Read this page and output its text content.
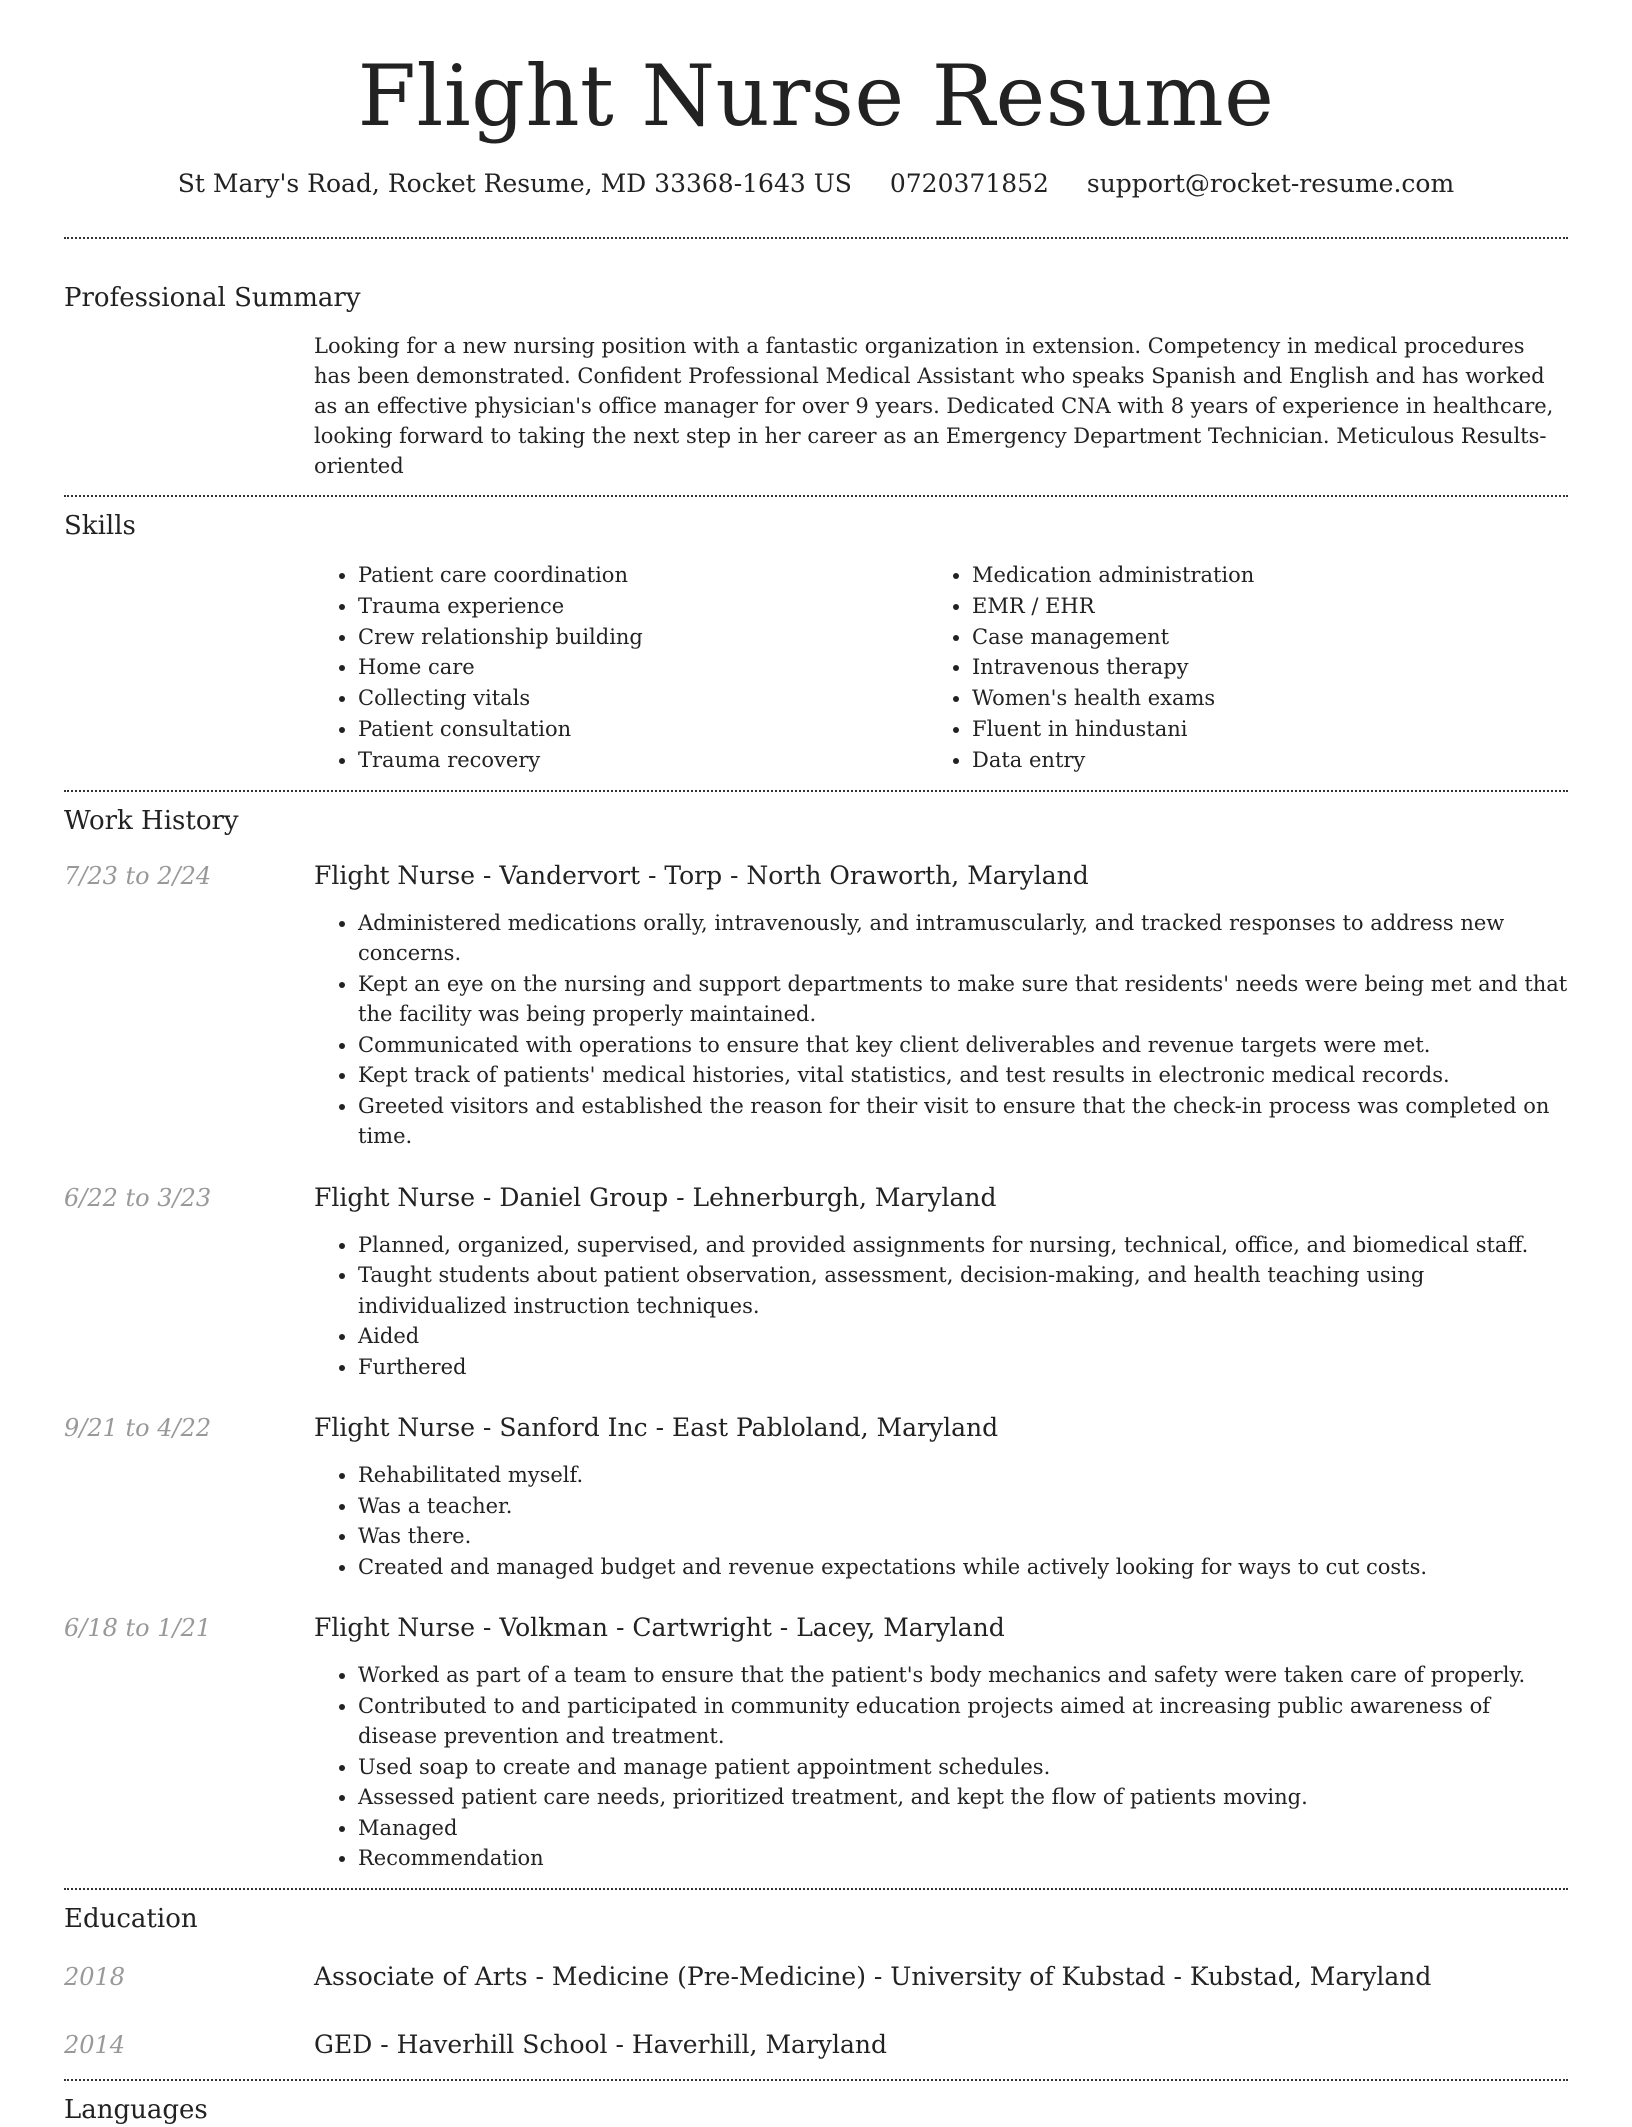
Flight Nurse Resume
St Mary's Road, Rocket Resume, MD 33368-1643 US 0720371852 support@rocket-resume.com
Professional Summary

Looking for a new nursing position with a fantastic organization in extension. Competency in medical procedures has been demonstrated. Confident Professional Medical Assistant who speaks Spanish and English and has worked as an effective physician's office manager for over 9 years. Dedicated CNA with 8 years of experience in healthcare, looking forward to taking the next step in her career as an Emergency Department Technician. Meticulous Results-oriented

Skills
• Patient care coordination
• Trauma experience
• Crew relationship building
• Home care
• Collecting vitals
• Patient consultation
• Trauma recovery
• Medication administration
• EMR / EHR
• Case management
• Intravenous therapy
• Women's health exams
• Fluent in hindustani
• Data entry
Work History
7/23 to 2/24	Flight Nurse - Vandervort - Torp - North Oraworth, Maryland
• Administered medications orally, intravenously, and intramuscularly, and tracked responses to address new concerns.
• Kept an eye on the nursing and support departments to make sure that residents' needs were being met and that the facility was being properly maintained.
• Communicated with operations to ensure that key client deliverables and revenue targets were met.
• Kept track of patients' medical histories, vital statistics, and test results in electronic medical records.
• Greeted visitors and established the reason for their visit to ensure that the check-in process was completed on time.
6/22 to 3/23	Flight Nurse - Daniel Group - Lehnerburgh, Maryland
• Planned, organized, supervised, and provided assignments for nursing, technical, office, and biomedical staff.
• Taught students about patient observation, assessment, decision-making, and health teaching using individualized instruction techniques.
• Aided
• Furthered
9/21 to 4/22	Flight Nurse - Sanford Inc - East Pabloland, Maryland
• Rehabilitated myself.
• Was a teacher.
• Was there.
• Created and managed budget and revenue expectations while actively looking for ways to cut costs.
6/18 to 1/21	Flight Nurse - Volkman - Cartwright - Lacey, Maryland
• Worked as part of a team to ensure that the patient's body mechanics and safety were taken care of properly.
• Contributed to and participated in community education projects aimed at increasing public awareness of disease prevention and treatment.
• Used soap to create and manage patient appointment schedules.
• Assessed patient care needs, prioritized treatment, and kept the flow of patients moving.
• Managed
• Recommendation
Education
2018	Associate of Arts - Medicine (Pre-Medicine) - University of Kubstad - Kubstad, Maryland
2014	GED - Haverhill School - Haverhill, Maryland
Languages
